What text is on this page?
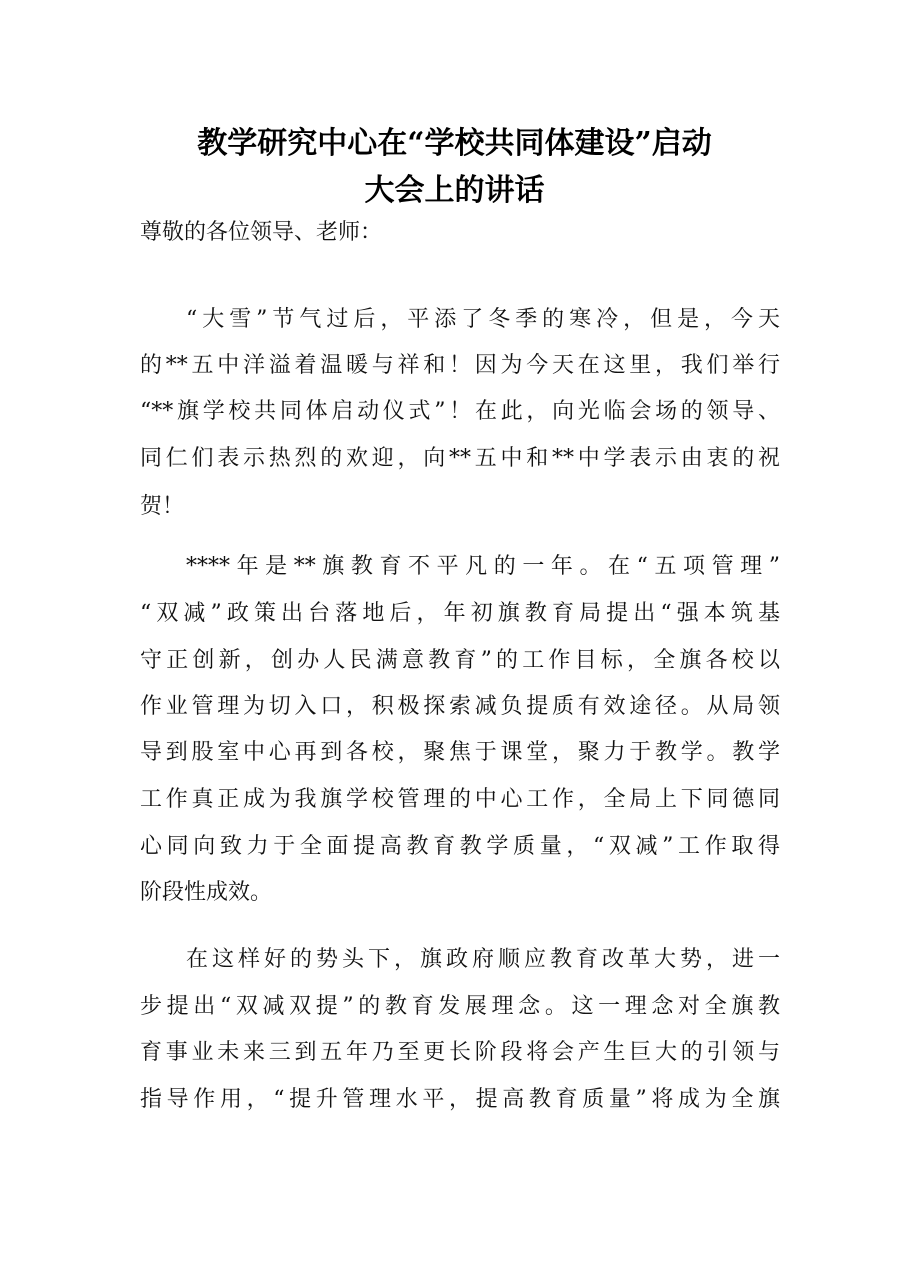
教学研究中心在“学校共同体建设”启动
大会上的讲话
尊敬的各位领导、老师：
“大雪”节气过后，平添了冬季的寒冷，但是，今天
的**五中洋溢着温暖与祥和！因为今天在这里，我们举行
“**旗学校共同体启动仪式”！在此，向光临会场的领导、
同仁们表示热烈的欢迎，向**五中和**中学表示由衷的祝
贺！
****年是**旗教育不平凡的一年。在“五项管理”
“双减”政策出台落地后，年初旗教育局提出“强本筑基
守正创新，创办人民满意教育”的工作目标，全旗各校以
作业管理为切入口，积极探索减负提质有效途径。从局领
导到股室中心再到各校，聚焦于课堂，聚力于教学。教学
工作真正成为我旗学校管理的中心工作，全局上下同德同
心同向致力于全面提高教育教学质量，“双减”工作取得
阶段性成效。
在这样好的势头下，旗政府顺应教育改革大势，进一
步提出“双减双提”的教育发展理念。这一理念对全旗教
育事业未来三到五年乃至更长阶段将会产生巨大的引领与
指导作用，“提升管理水平，提高教育质量”将成为全旗
